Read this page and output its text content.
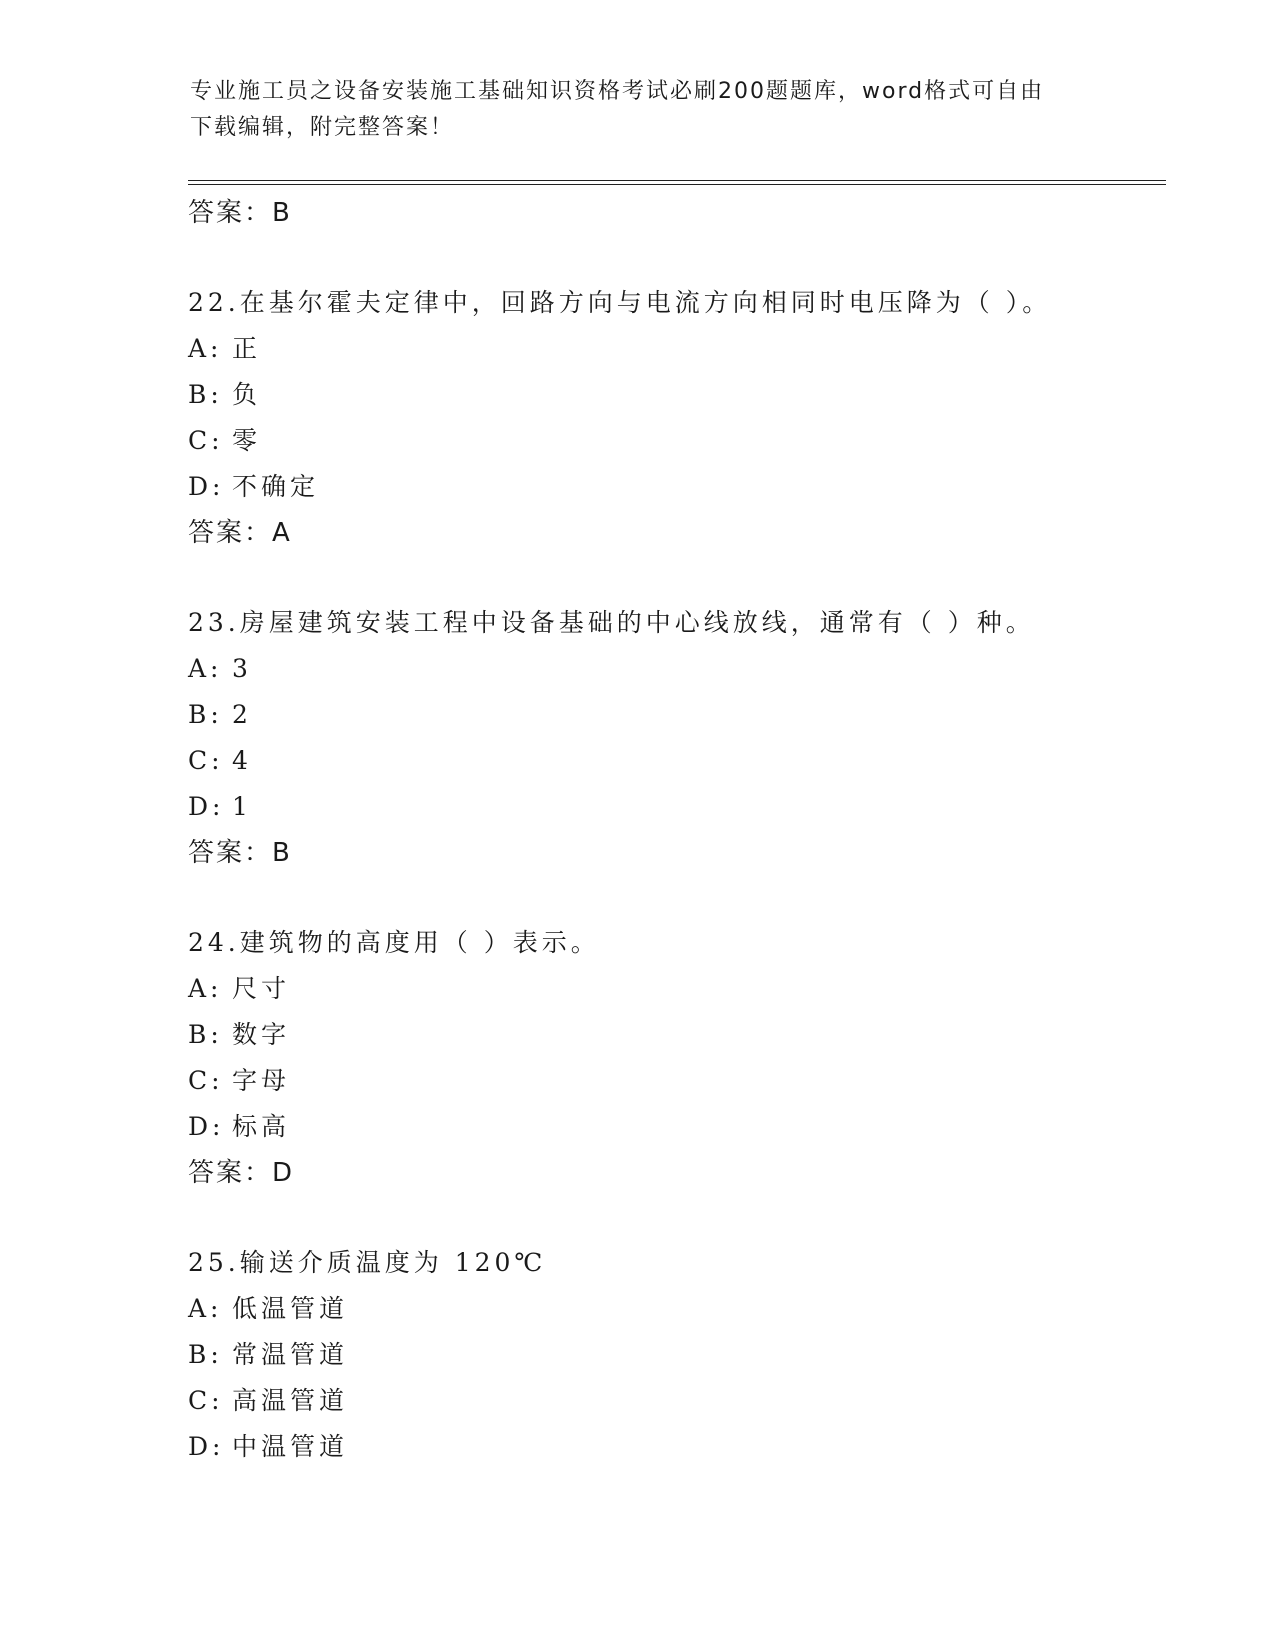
专业施工员之设备安装施工基础知识资格考试必刷200题题库，word格式可自由
下载编辑，附完整答案！
答案：B
22.在基尔霍夫定律中，回路方向与电流方向相同时电压降为（ ）。
A: 正
B: 负
C: 零
D: 不确定
答案：A
23.房屋建筑安装工程中设备基础的中心线放线，通常有（ ）种。
A: 3
B: 2
C: 4
D: 1
答案：B
24.建筑物的高度用（ ）表示。
A: 尺寸
B: 数字
C: 字母
D: 标高
答案：D
25.输送介质温度为 120℃
A: 低温管道
B: 常温管道
C: 高温管道
D: 中温管道
